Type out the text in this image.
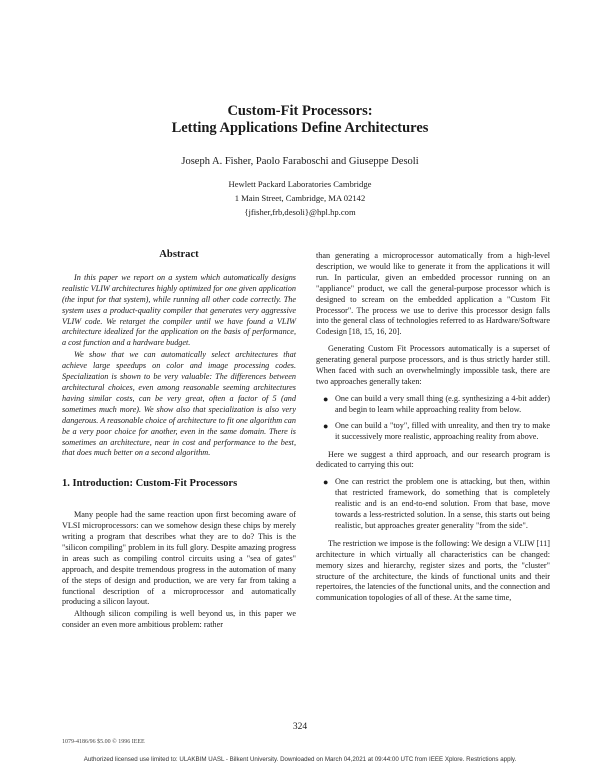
Custom-Fit Processors:
Letting Applications Define Architectures
Joseph A. Fisher, Paolo Faraboschi and Giuseppe Desoli
Hewlett Packard Laboratories Cambridge
1 Main Street, Cambridge, MA 02142
{jfisher,frb,desoli}@hpl.hp.com
Abstract

In this paper we report on a system which automatically designs realistic VLIW architectures highly optimized for one given application (the input for that system), while running all other code correctly. The system uses a product-quality compiler that generates very aggressive VLIW code. We retarget the compiler until we have found a VLIW architecture idealized for the application on the basis of performance, a cost function and a hardware budget.

We show that we can automatically select architectures that achieve large speedups on color and image processing codes. Specialization is shown to be very valuable: The differences between architectural choices, even among reasonable seeming architectures having similar costs, can be very great, often a factor of 5 (and sometimes much more). We show also that specialization is also very dangerous. A reasonable choice of architecture to fit one algorithm can be a very poor choice for another, even in the same domain. There is sometimes an architecture, near in cost and performance to the best, that does much better on a second algorithm.

1. Introduction: Custom-Fit Processors

Many people had the same reaction upon first becoming aware of VLSI microprocessors: can we somehow design these chips by merely writing a program that describes what they are to do? This is the "silicon compiling" problem in its full glory. Despite amazing progress in areas such as compiling control circuits using a "sea of gates" approach, and despite tremendous progress in the automation of many of the steps of design and production, we are very far from taking a functional description of a microprocessor and automatically producing a silicon layout.

Although silicon compiling is well beyond us, in this paper we consider an even more ambitious problem: rather

than generating a microprocessor automatically from a high-level description, we would like to generate it from the applications it will run. In particular, given an embedded processor running on an "appliance" product, we call the general-purpose processor which is designed to scream on the embedded application a "Custom Fit Processor". The process we use to derive this processor design falls into the general class of technologies referred to as Hardware/Software Codesign [18, 15, 16, 20].

Generating Custom Fit Processors automatically is a superset of generating general purpose processors, and is thus strictly harder still. When faced with such an overwhelmingly impossible task, there are two approaches generally taken:

● One can build a very small thing (e.g. synthesizing a 4-bit adder) and begin to learn while approaching reality from below.
● One can build a "toy", filled with unreality, and then try to make it successively more realistic, approaching reality from above.

Here we suggest a third approach, and our research program is dedicated to carrying this out:

● One can restrict the problem one is attacking, but then, within that restricted framework, do something that is completely realistic and is an end-to-end solution. From that base, move towards a less-restricted solution. In a sense, this starts out being realistic, but approaches greater generality "from the side".

The restriction we impose is the following: We design a VLIW [11] architecture in which virtually all characteristics can be changed: memory sizes and hierarchy, register sizes and ports, the "cluster" structure of the architecture, the kinds of functional units and their repertoires, the latencies of the functional units, and the connection and communication topologies of all of these. At the same time,

324
1079-4186/96 $5.00 © 1996 IEEE
Authorized licensed use limited to: ULAKBIM UASL - Bilkent University. Downloaded on March 04,2021 at 09:44:00 UTC from IEEE Xplore. Restrictions apply.
